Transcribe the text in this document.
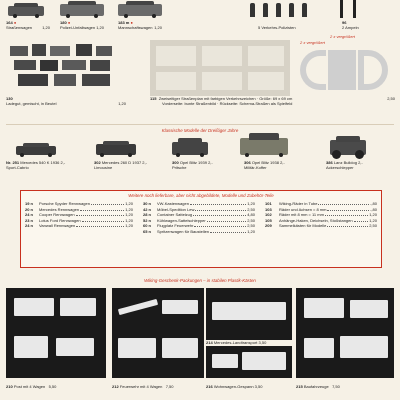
164 ●
Straßenwagen	1,20
180 ●
Polizei-Unfallwagen 1,20
183 m ●
Mannschaftswagen 1,20	5 Verkehrs-Polizisten
96
2 Ampeln
2 x vergrößert
2 x vergrößert
130
Ladegut, gemischt, in Beutel	1,20
115 Zweiseitiger Straßenplan mit farbigen Verkehrszeichen · Größe: 69 x 69 cm	2,50

Vorderseite: bunte Straßenbild · Rückseite: Schema-Straßen als Spielfeld
Klassische Modelle der Dreißiger Jahre
Nr. 251 Mercedes 540 K 1936 2,-
Sport-Cabrio
302 Mercedes 260 D 1937 2,-
Limousine
300 Opel Blitz 1939 2,-
Pritsche
306 Opel Blitz 1938 2,-
Militär-Koffer
386 Lanz Bulldog 2,-
Ackerschlepper
Weitere noch lieferbare, aber nicht abgebildete, Modelle und Zubehör-Teile
19 n	Porsche Spyder Rennwagen	1,20
20 n	Mercedes Rennwagen	1,20
24 n	Cooper Rennwagen	1,20
23 n	Lotus Ford Rennwagen	1,20
24 n	Vanwall Rennwagen	1,20
30 n	VW-Kastenwagen	1,20
42 n	Möbel-Spedition Lew	2,50
28 n	Container Sattelzug	4,80
52 n	Kühlwagen-Sattelschlepper	2,50
60 n	Flugplatz Feuerwehr	2,50
65 n	Spritzenwagen für Baustellen	1,20
101	Wiking-Räder in Tube	-,80
103	Räder und Achsen = 8 mm	-,80
102	Räder mit 8 mm = 11 mm	1,20
105	Anhänge-Haken, Deichseln, Stoßstangen	1,20
209	Sammelkästen für Modelle	2,50
Wiking-Geschenk-Packungen – in stabilen Plastik-Kästen
210 Post mit 4 Wagen 5,50	212 Feuerwehr mit 4 Wagen 7,50
214 Mercedes-Landtransport 3,50
216 Wohnwagen-Gespann 3,50	215 Baufahrzeuge 7,50
